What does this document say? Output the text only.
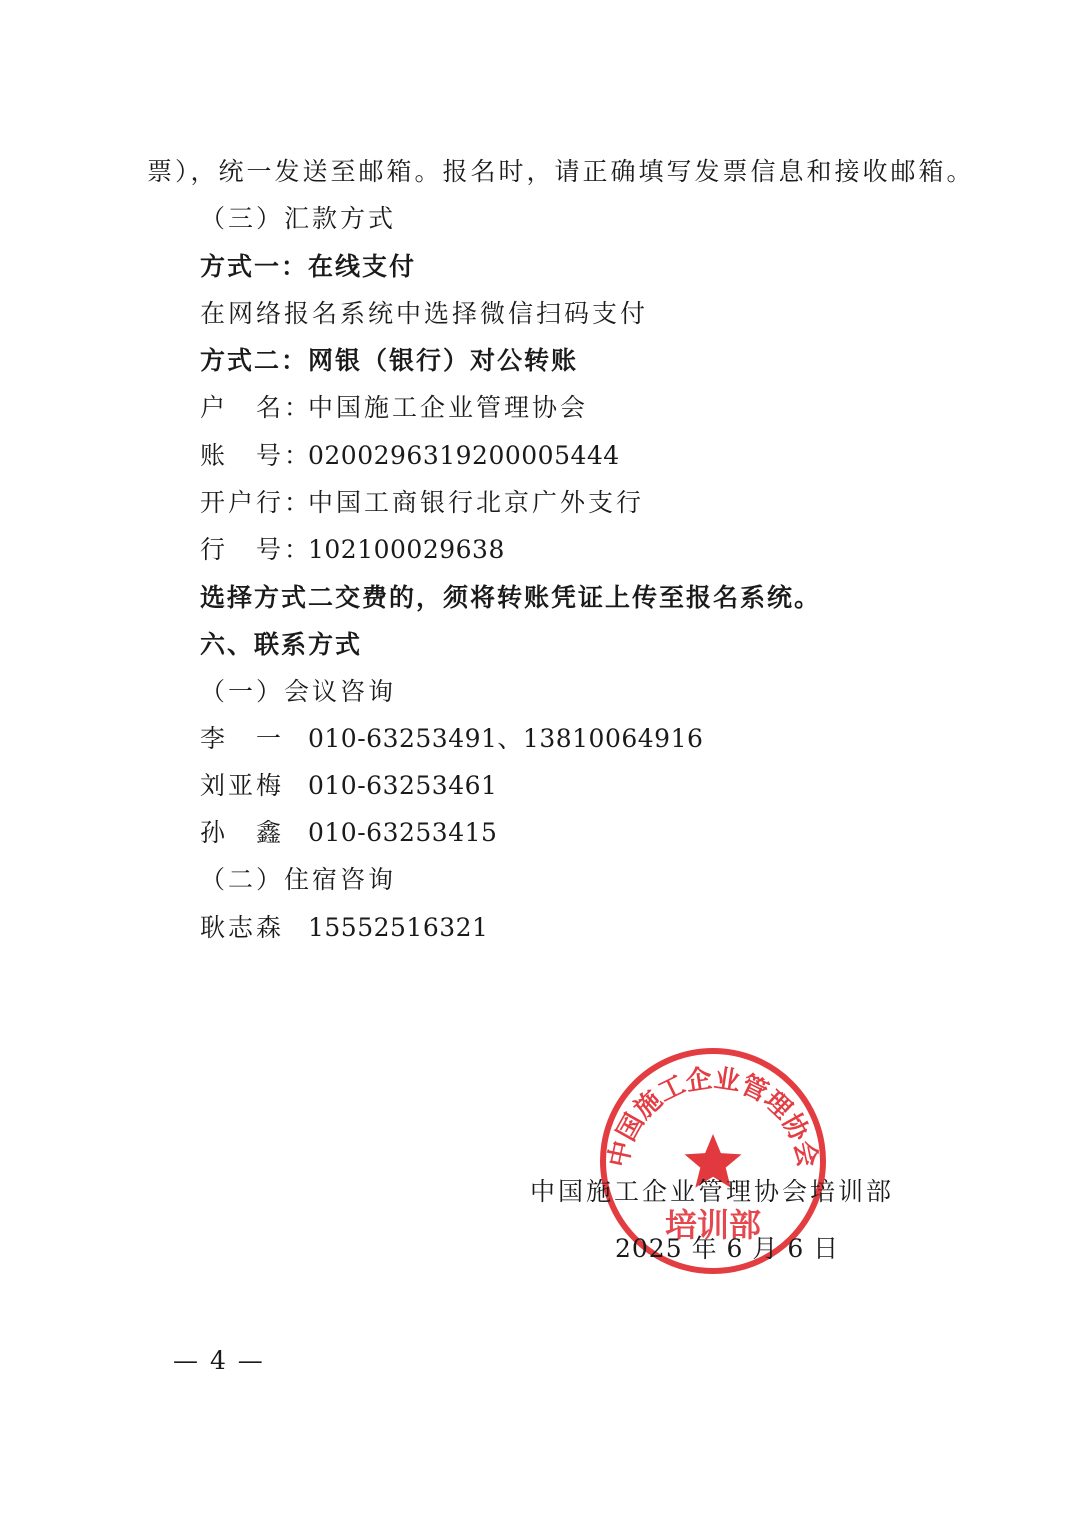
票），统一发送至邮箱。报名时，请正确填写发票信息和接收邮箱。

（三）汇款方式

方式一：在线支付

在网络报名系统中选择微信扫码支付

方式二：网银（银行）对公转账

户　名：中国施工企业管理协会

账　号：0200296319200005444

开户行：中国工商银行北京广外支行

行　号：102100029638

选择方式二交费的，须将转账凭证上传至报名系统。

六、联系方式

（一）会议咨询

李　一 010-63253491、13810064916

刘亚梅 010-63253461

孙　鑫 010-63253415

（二）住宿咨询

耿志森 15552516321

中国施工企业管理协会
培训部

中国施工企业管理协会培训部

2025 年 6 月 6 日

— 4 —
